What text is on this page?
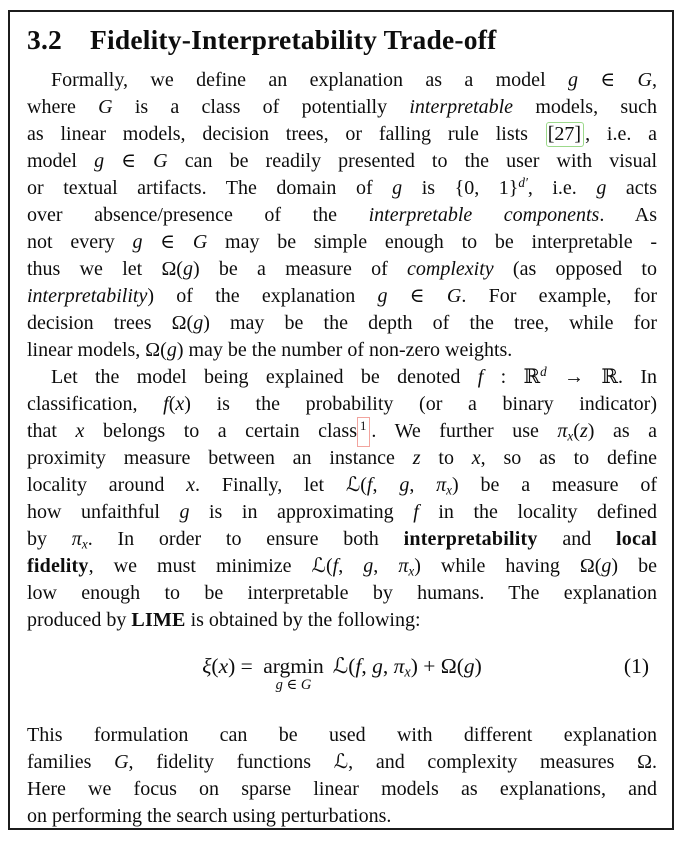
3.2 Fidelity-Interpretability Trade-off
Formally, we define an explanation as a model g ∈ G,
where G is a class of potentially interpretable models, such
as linear models, decision trees, or falling rule lists [27] , i.e. a
model g ∈ G can be readily presented to the user with visual
or textual artifacts. The domain of g is {0, 1}$^{d'}$, i.e. g acts
over absence/presence of the interpretable components. As
not every g ∈ G may be simple enough to be interpretable -
thus we let Ω(g) be a measure of complexity (as opposed to
interpretability) of the explanation g ∈ G. For example, for
decision trees Ω(g) may be the depth of the tree, while for
linear models, Ω(g) may be the number of non-zero weights.
Let the model being explained be denoted f : ℝ$^d$ → ℝ. In
classification, f(x) is the probability (or a binary indicator)
that x belongs to a certain class $^1$ . We further use πx(z) as a
proximity measure between an instance z to x, so as to define
locality around x. Finally, let ℒ(f, g, πx) be a measure of
how unfaithful g is in approximating f in the locality defined
by πx. In order to ensure both interpretability and local
fidelity, we must minimize ℒ(f, g, πx) while having Ω(g) be
low enough to be interpretable by humans. The explanation
produced by LIME is obtained by the following:
ξ(x) = argmin
g ∈ G
ℒ(f, g, πx) + Ω(g)	(1)
This formulation can be used with different explanation
families G, fidelity functions ℒ, and complexity measures Ω.
Here we focus on sparse linear models as explanations, and
on performing the search using perturbations.
